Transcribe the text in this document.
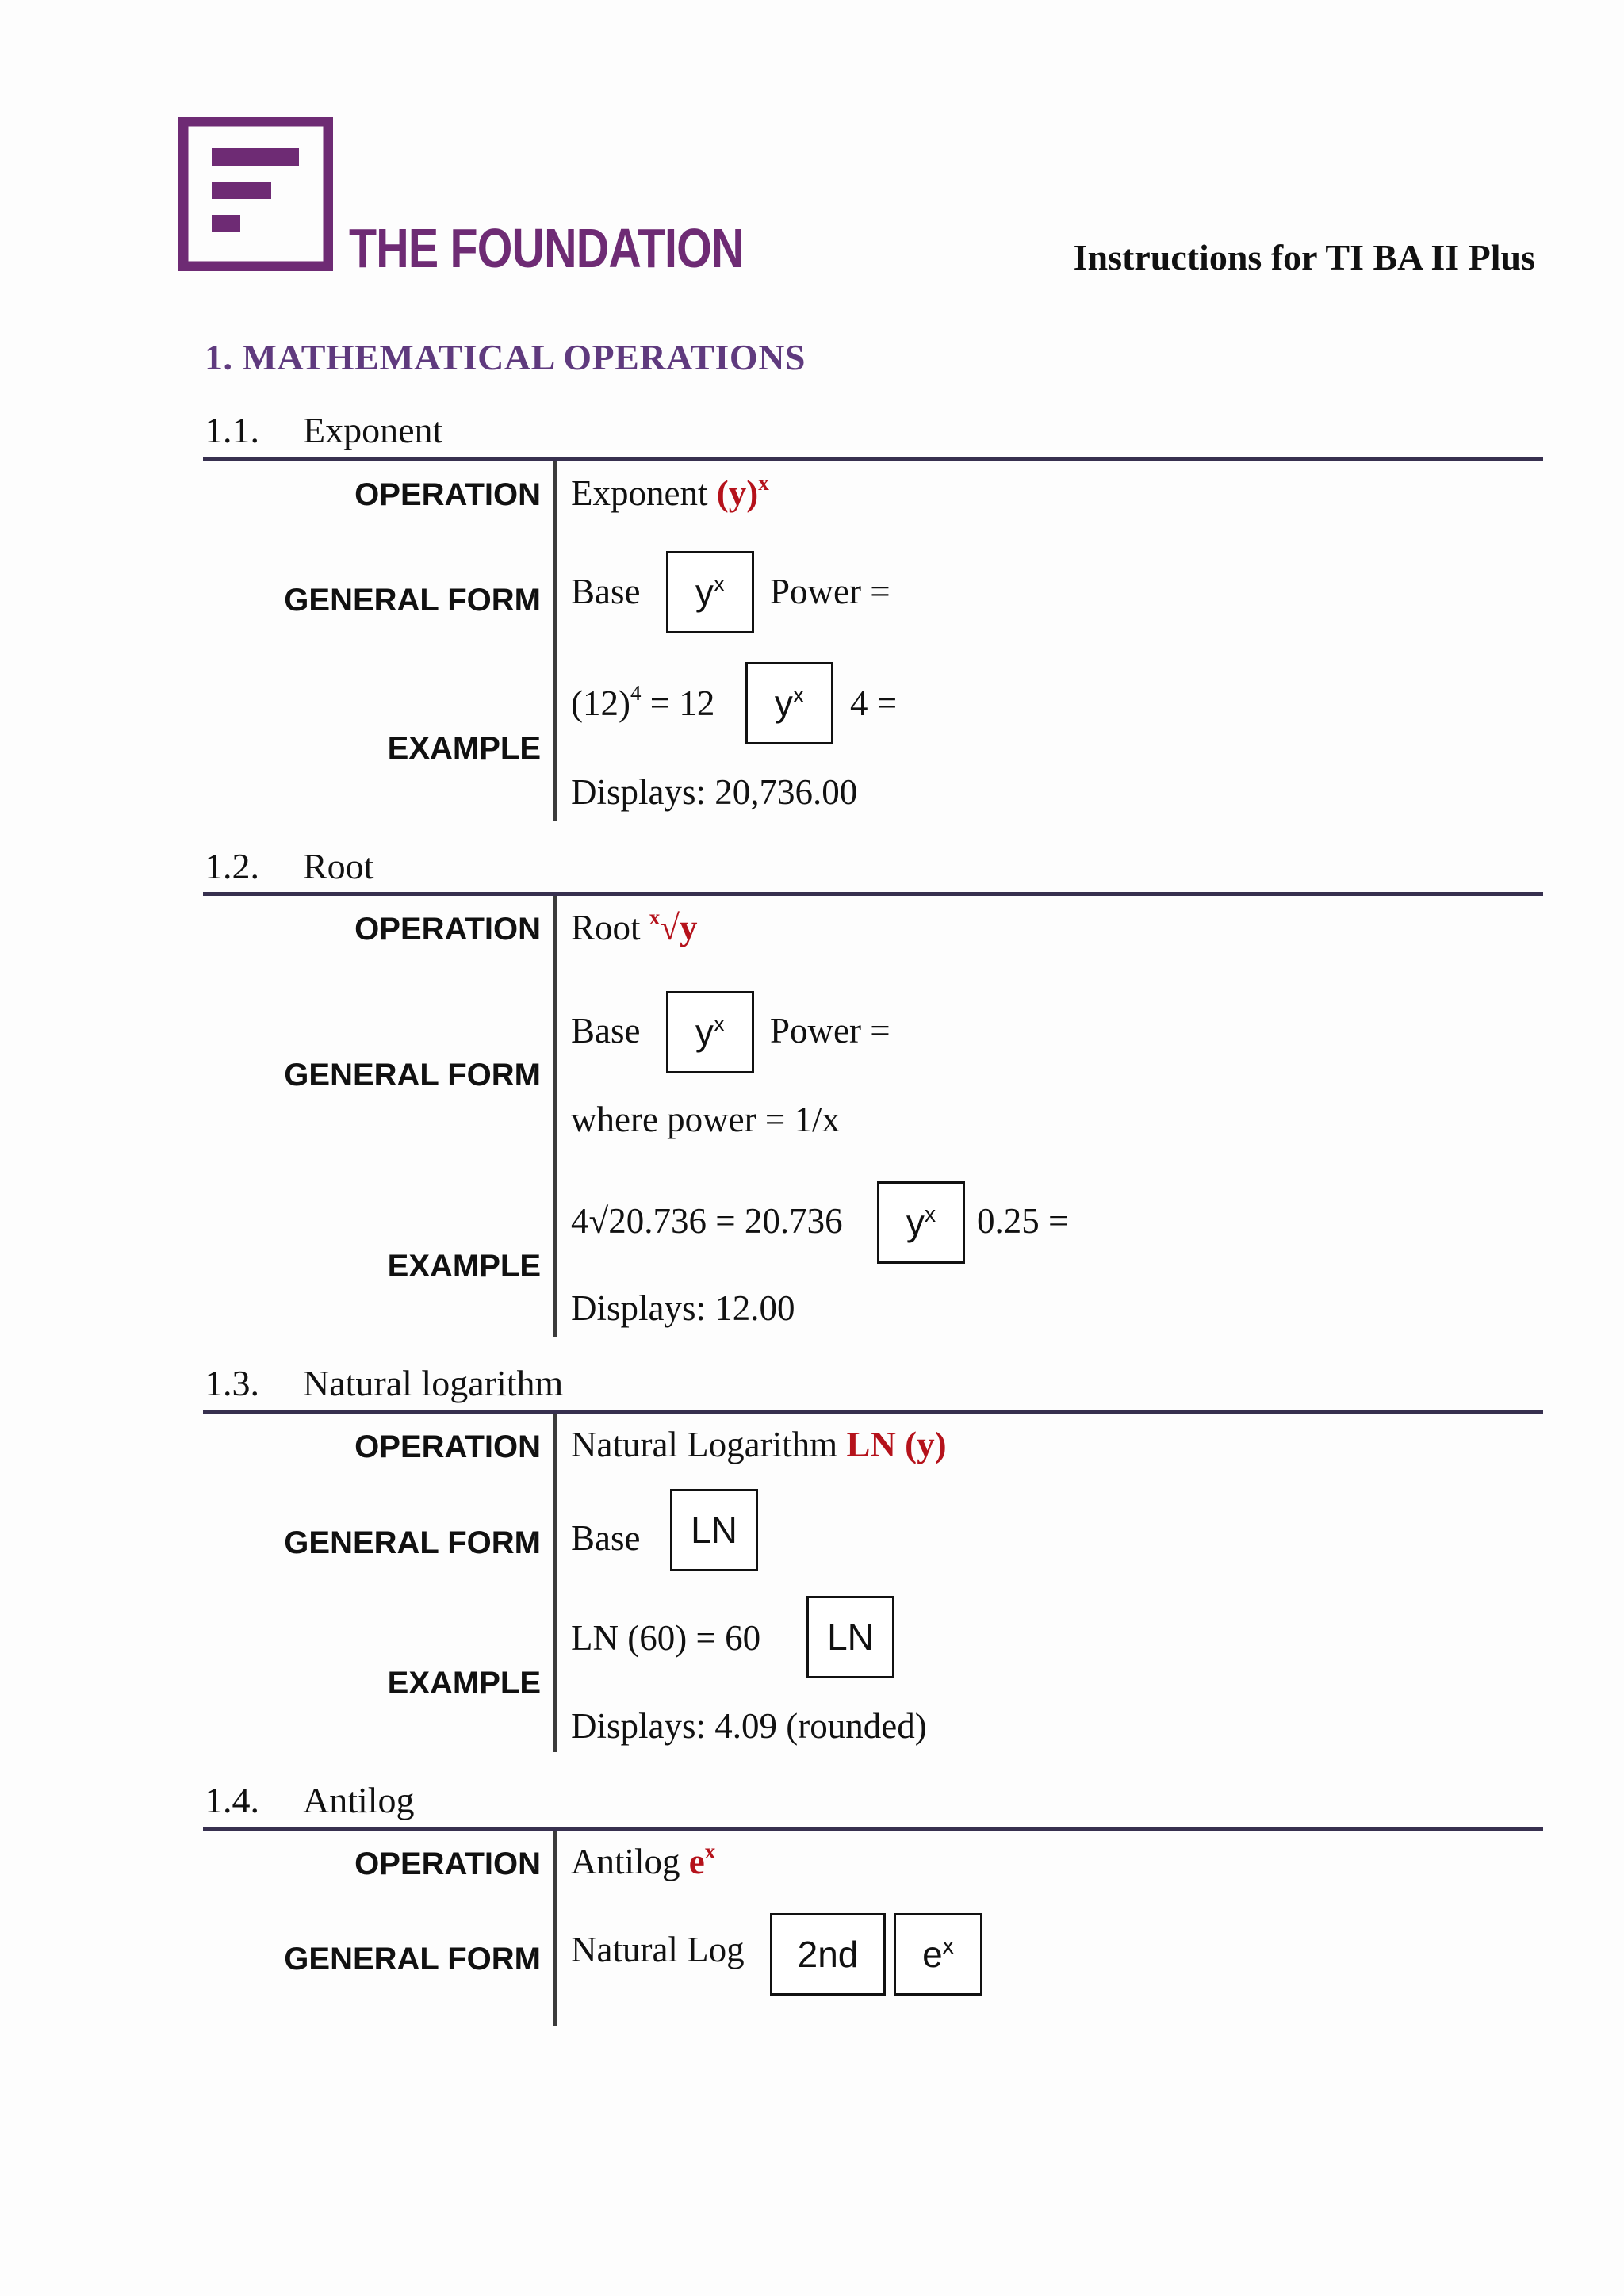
THE FOUNDATION	Instructions for TI BA II Plus
1. MATHEMATICAL OPERATIONS
1.1. Exponent
OPERATION Exponent $(y)^x$
GENERAL FORM Base $y^x$ Power =
EXAMPLE
$(12)^4 = 12$ $y^x$ 4 =
Displays: 20,736.00
1.2. Root
OPERATION Root $^x$√y
GENERAL FORM
Base $y^x$ Power =
where power = 1/x
EXAMPLE
4√20.736 = 20.736 $y^x$ 0.25 =
Displays: 12.00
1.3. Natural logarithm
OPERATION Natural Logarithm LN (y)
GENERAL FORM Base	LN
EXAMPLE
LN (60) = 60	LN
Displays: 4.09 (rounded)
1.4. Antilog
OPERATION Antilog $e^x$
GENERAL FORM Natural Log	2nd	$e^x$
